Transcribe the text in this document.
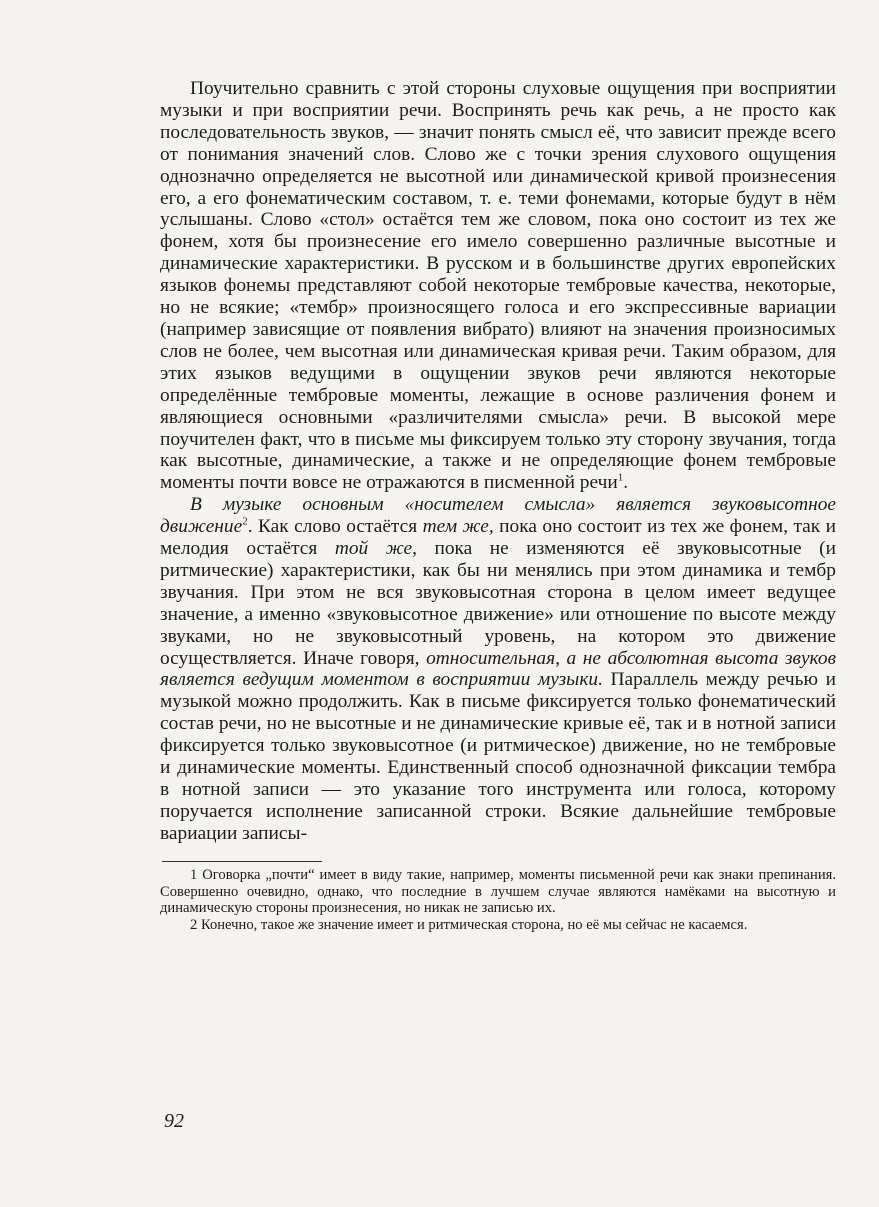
Поучительно сравнить с этой стороны слуховые ощущения при восприятии музыки и при восприятии речи. Воспринять речь как речь, а не просто как последовательность звуков, — значит понять смысл её, что зависит прежде всего от понимания значений слов. Слово же с точки зрения слухового ощущения однозначно определяется не высотной или динамической кривой произнесения его, а его фонематическим составом, т. е. теми фонемами, которые будут в нём услышаны. Слово «стол» остаётся тем же словом, пока оно состоит из тех же фонем, хотя бы произнесение его имело совершенно различные высотные и динамические характеристики. В русском и в большинстве других европейских языков фонемы представляют собой некоторые тембровые качества, некоторые, но не всякие; «тембр» произносящего голоса и его экспрессивные вариации (например зависящие от появления вибрато) влияют на значения произносимых слов не более, чем высотная или динамическая кривая речи. Таким образом, для этих языков ведущими в ощущении звуков речи являются некоторые определённые тембровые моменты, лежащие в основе различения фонем и являющиеся основными «различителями смысла» речи. В высокой мере поучителен факт, что в письме мы фиксируем только эту сторону звучания, тогда как высотные, динамические, а также и не определяющие фонем тембровые моменты почти вовсе не отражаются в писменной речи$^1$.

В музыке основным «носителем смысла» является звуковысотное движение$^2$. Как слово остаётся тем же, пока оно состоит из тех же фонем, так и мелодия остаётся той же, пока не изменяются её звуковысотные (и ритмические) характеристики, как бы ни менялись при этом динамика и тембр звучания. При этом не вся звуковысотная сторона в целом имеет ведущее значение, а именно «звуковысотное движение» или отношение по высоте между звуками, но не звуковысотный уровень, на котором это движение осуществляется. Иначе говоря, относительная, а не абсолютная высота звуков является ведущим моментом в восприятии музыки. Параллель между речью и музыкой можно продолжить. Как в письме фиксируется только фонематический состав речи, но не высотные и не динамические кривые её, так и в нотной записи фиксируется только звуковысотное (и ритмическое) движение, но не тембровые и динамические моменты. Единственный способ однозначной фиксации тембра в нотной записи — это указание того инструмента или голоса, которому поручается исполнение записанной строки. Всякие дальнейшие тембровые вариации записы-

1 Оговорка „почти“ имеет в виду такие, например, моменты письменной речи как знаки препинания. Совершенно очевидно, однако, что последние в лучшем случае являются намёками на высотную и динамическую стороны произнесения, но никак не записью их.

2 Конечно, такое же значение имеет и ритмическая сторона, но её мы сейчас не касаемся.

92
